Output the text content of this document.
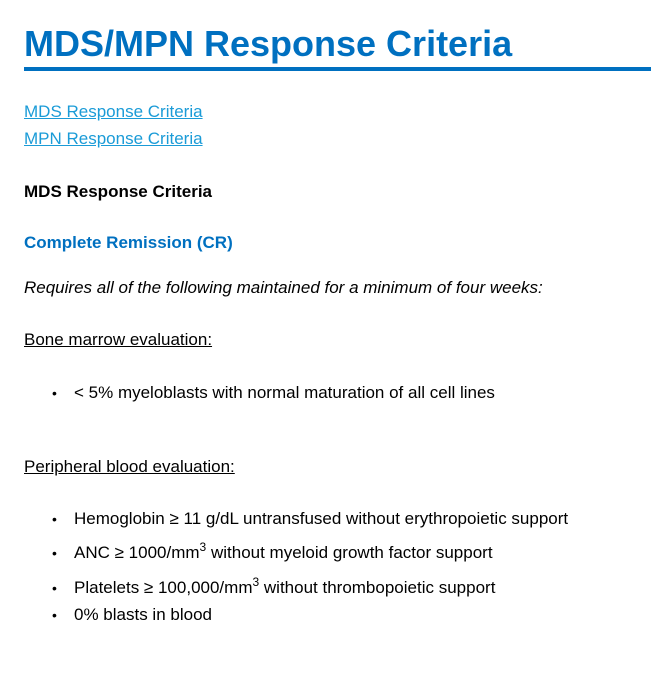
MDS/MPN Response Criteria
MDS Response Criteria
MPN Response Criteria
MDS Response Criteria
Complete Remission (CR)
Requires all of the following maintained for a minimum of four weeks:
Bone marrow evaluation:
• < 5% myeloblasts with normal maturation of all cell lines
Peripheral blood evaluation:
• Hemoglobin ≥ 11 g/dL untransfused without erythropoietic support
• ANC ≥ $1000/mm^3$ without myeloid growth factor support
• Platelets ≥ $100,000/mm^3$ without thrombopoietic support
• 0% blasts in blood
